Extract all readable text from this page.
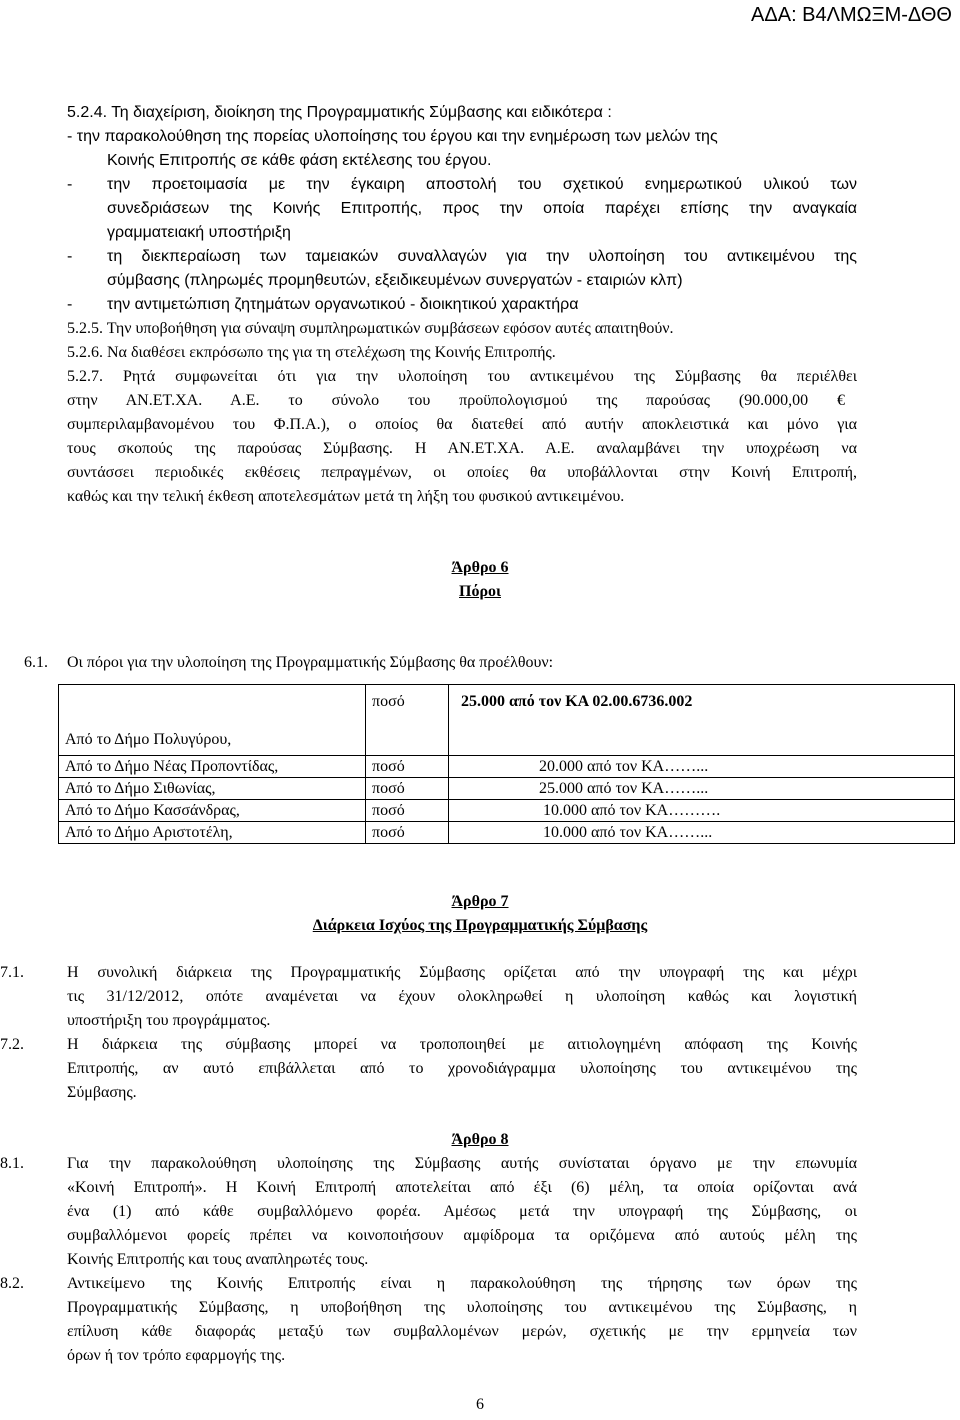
ΑΔΑ: Β4ΛΜΩΞΜ-ΔΘΘ
5.2.4. Τη διαχείριση, διοίκηση της Προγραμματικής Σύμβασης και ειδικότερα :
- την παρακολούθηση της πορείας υλοποίησης του έργου και την ενημέρωση των μελών της
Κοινής Επιτροπής σε κάθε φάση εκτέλεσης του έργου.
- την προετοιμασία με την έγκαιρη αποστολή του σχετικού ενημερωτικού υλικού των
συνεδριάσεων της Κοινής Επιτροπής, προς την οποία παρέχει επίσης την αναγκαία
γραμματειακή υποστήριξη
- τη διεκπεραίωση των ταμειακών συναλλαγών για την υλοποίηση του αντικειμένου της
σύμβασης (πληρωμές προμηθευτών, εξειδικευμένων συνεργατών - εταιριών κλπ)
- την αντιμετώπιση ζητημάτων οργανωτικού - διοικητικού χαρακτήρα
5.2.5. Την υποβοήθηση για σύναψη συμπληρωματικών συμβάσεων εφόσον αυτές απαιτηθούν.
5.2.6. Να διαθέσει εκπρόσωπο της για τη στελέχωση της Κοινής Επιτροπής.
5.2.7. Ρητά συμφωνείται ότι για την υλοποίηση του αντικειμένου της Σύμβασης θα περιέλθει
στην ΑΝ.ΕΤ.ΧΑ. Α.Ε. το σύνολο του προϋπολογισμού της παρούσας (90.000,00 €
συμπεριλαμβανομένου του Φ.Π.Α.), ο οποίος θα διατεθεί από αυτήν αποκλειστικά και μόνο για
τους σκοπούς της παρούσας Σύμβασης. Η ΑΝ.ΕΤ.ΧΑ. Α.Ε. αναλαμβάνει την υποχρέωση να
συντάσσει περιοδικές εκθέσεις πεπραγμένων, οι οποίες θα υποβάλλονται στην Κοινή Επιτροπή,
καθώς και την τελική έκθεση αποτελεσμάτων μετά τη λήξη του φυσικού αντικειμένου.
Άρθρο 6
Πόροι
6.1. Οι πόροι για την υλοποίηση της Προγραμματικής Σύμβασης θα προέλθουν:
Από το Δήμο Πολυγύρου,	ποσό	25.000 από τον ΚΑ 02.00.6736.002
Από το Δήμο Νέας Προποντίδας,	ποσό	20.000 από τον ΚΑ……...
Από το Δήμο Σιθωνίας,	ποσό	25.000 από τον ΚΑ……...
Από το Δήμο Κασσάνδρας,	ποσό	10.000 από τον ΚΑ……….
Από το Δήμο Αριστοτέλη,	ποσό	10.000 από τον ΚΑ……...
Άρθρο 7
Διάρκεια Ισχύος της Προγραμματικής Σύμβασης
7.1.	Η συνολική διάρκεια της Προγραμματικής Σύμβασης ορίζεται από την υπογραφή της και μέχρι
τις 31/12/2012, οπότε αναμένεται να έχουν ολοκληρωθεί η υλοποίηση καθώς και λογιστική
υποστήριξη του προγράμματος.
7.2.	Η διάρκεια της σύμβασης μπορεί να τροποποιηθεί με αιτιολογημένη απόφαση της Κοινής
Επιτροπής, αν αυτό επιβάλλεται από το χρονοδιάγραμμα υλοποίησης του αντικειμένου της
Σύμβασης.
Άρθρο 8
8.1.	Για την παρακολούθηση υλοποίησης της Σύμβασης αυτής συνίσταται όργανο με την επωνυμία
«Κοινή Επιτροπή». Η Κοινή Επιτροπή αποτελείται από έξι (6) μέλη, τα οποία ορίζονται ανά
ένα (1) από κάθε συμβαλλόμενο φορέα. Αμέσως μετά την υπογραφή της Σύμβασης, οι
συμβαλλόμενοι φορείς πρέπει να κοινοποιήσουν αμφίδρομα τα οριζόμενα από αυτούς μέλη της
Κοινής Επιτροπής και τους αναπληρωτές τους.
8.2.	Αντικείμενο της Κοινής Επιτροπής είναι η παρακολούθηση της τήρησης των όρων της
Προγραμματικής Σύμβασης, η υποβοήθηση της υλοποίησης του αντικειμένου της Σύμβασης, η
επίλυση κάθε διαφοράς μεταξύ των συμβαλλομένων μερών, σχετικής με την ερμηνεία των
όρων ή τον τρόπο εφαρμογής της.
6
